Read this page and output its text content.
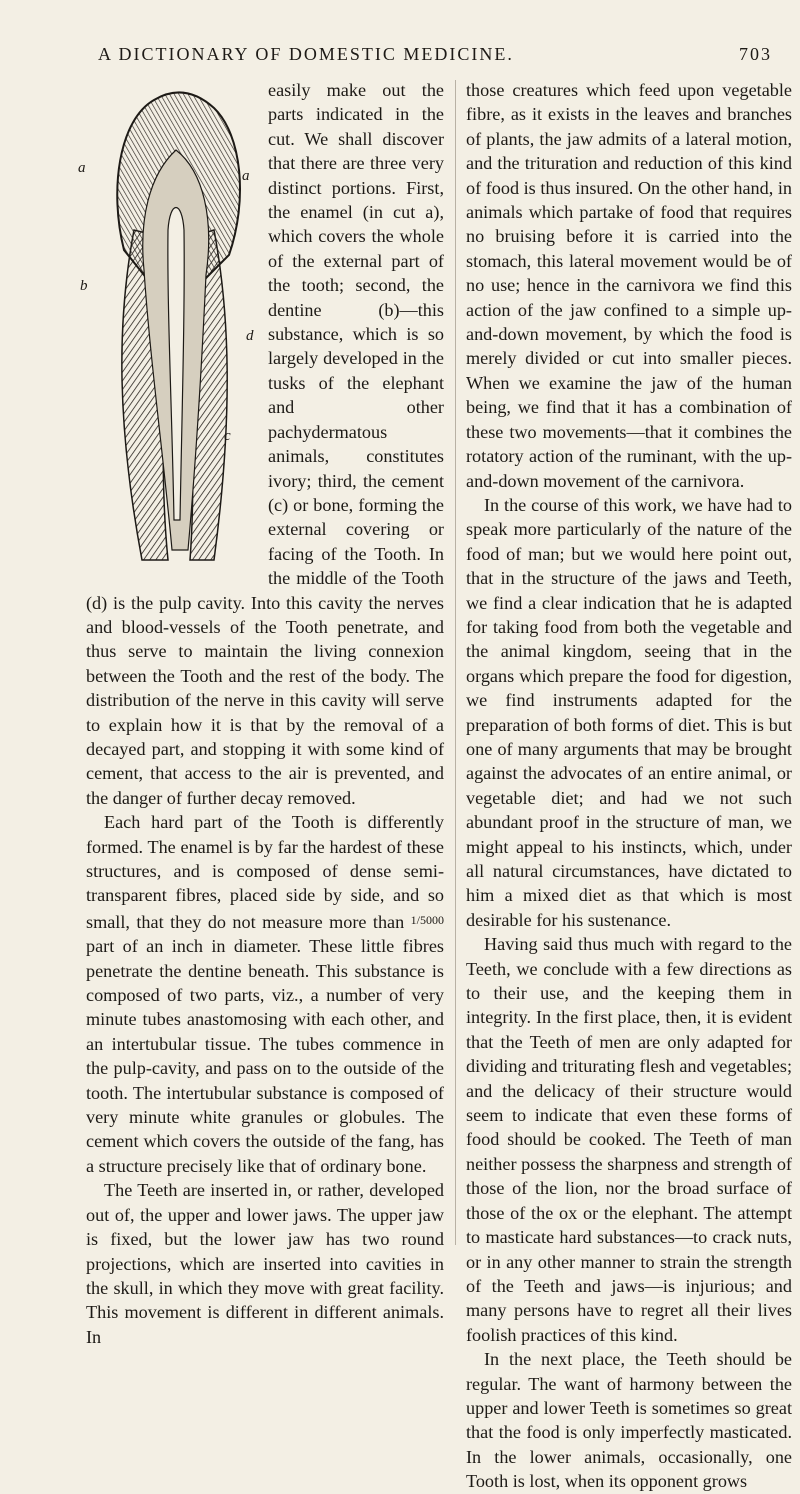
A DICTIONARY OF DOMESTIC MEDICINE.	703
a
b
a
d
c

easily make out the parts indicated in the cut. We shall discover that there are three very distinct portions. First, the enamel (in cut a), which covers the whole of the external part of the tooth; second, the dentine (b)—this substance, which is so largely developed in the tusks of the elephant and other pachydermatous animals, constitutes ivory; third, the cement (c) or bone, forming the external covering or facing of the Tooth. In the middle of the Tooth (d) is the pulp cavity. Into this cavity the nerves and blood-vessels of the Tooth penetrate, and thus serve to maintain the living connexion between the Tooth and the rest of the body. The distribution of the nerve in this cavity will serve to explain how it is that by the removal of a decayed part, and stopping it with some kind of cement, that access to the air is prevented, and the danger of further decay removed.

Each hard part of the Tooth is differently formed. The enamel is by far the hardest of these structures, and is composed of dense semi-transparent fibres, placed side by side, and so small, that they do not measure more than $^{1/5000}$ part of an inch in diameter. These little fibres penetrate the dentine beneath. This substance is composed of two parts, viz., a number of very minute tubes anastomosing with each other, and an intertubular tissue. The tubes commence in the pulp-cavity, and pass on to the outside of the tooth. The intertubular substance is composed of very minute white granules or globules. The cement which covers the outside of the fang, has a structure precisely like that of ordinary bone.

The Teeth are inserted in, or rather, developed out of, the upper and lower jaws. The upper jaw is fixed, but the lower jaw has two round projections, which are inserted into cavities in the skull, in which they move with great facility. This movement is different in different animals. In

those creatures which feed upon vegetable fibre, as it exists in the leaves and branches of plants, the jaw admits of a lateral motion, and the trituration and reduction of this kind of food is thus insured. On the other hand, in animals which partake of food that requires no bruising before it is carried into the stomach, this lateral movement would be of no use; hence in the carnivora we find this action of the jaw confined to a simple up-and-down movement, by which the food is merely divided or cut into smaller pieces. When we examine the jaw of the human being, we find that it has a combination of these two movements—that it combines the rotatory action of the ruminant, with the up-and-down movement of the carnivora.

In the course of this work, we have had to speak more particularly of the nature of the food of man; but we would here point out, that in the structure of the jaws and Teeth, we find a clear indication that he is adapted for taking food from both the vegetable and the animal kingdom, seeing that in the organs which prepare the food for digestion, we find instruments adapted for the preparation of both forms of diet. This is but one of many arguments that may be brought against the advocates of an entire animal, or vegetable diet; and had we not such abundant proof in the structure of man, we might appeal to his instincts, which, under all natural circumstances, have dictated to him a mixed diet as that which is most desirable for his sustenance.

Having said thus much with regard to the Teeth, we conclude with a few directions as to their use, and the keeping them in integrity. In the first place, then, it is evident that the Teeth of men are only adapted for dividing and triturating flesh and vegetables; and the delicacy of their structure would seem to indicate that even these forms of food should be cooked. The Teeth of man neither possess the sharpness and strength of those of the lion, nor the broad surface of those of the ox or the elephant. The attempt to masticate hard substances—to crack nuts, or in any other manner to strain the strength of the Teeth and jaws—is injurious; and many persons have to regret all their lives foolish practices of this kind.

In the next place, the Teeth should be regular. The want of harmony between the upper and lower Teeth is sometimes so great that the food is only imperfectly masticated. In the lower animals, occasionally, one Tooth is lost, when its opponent grows
